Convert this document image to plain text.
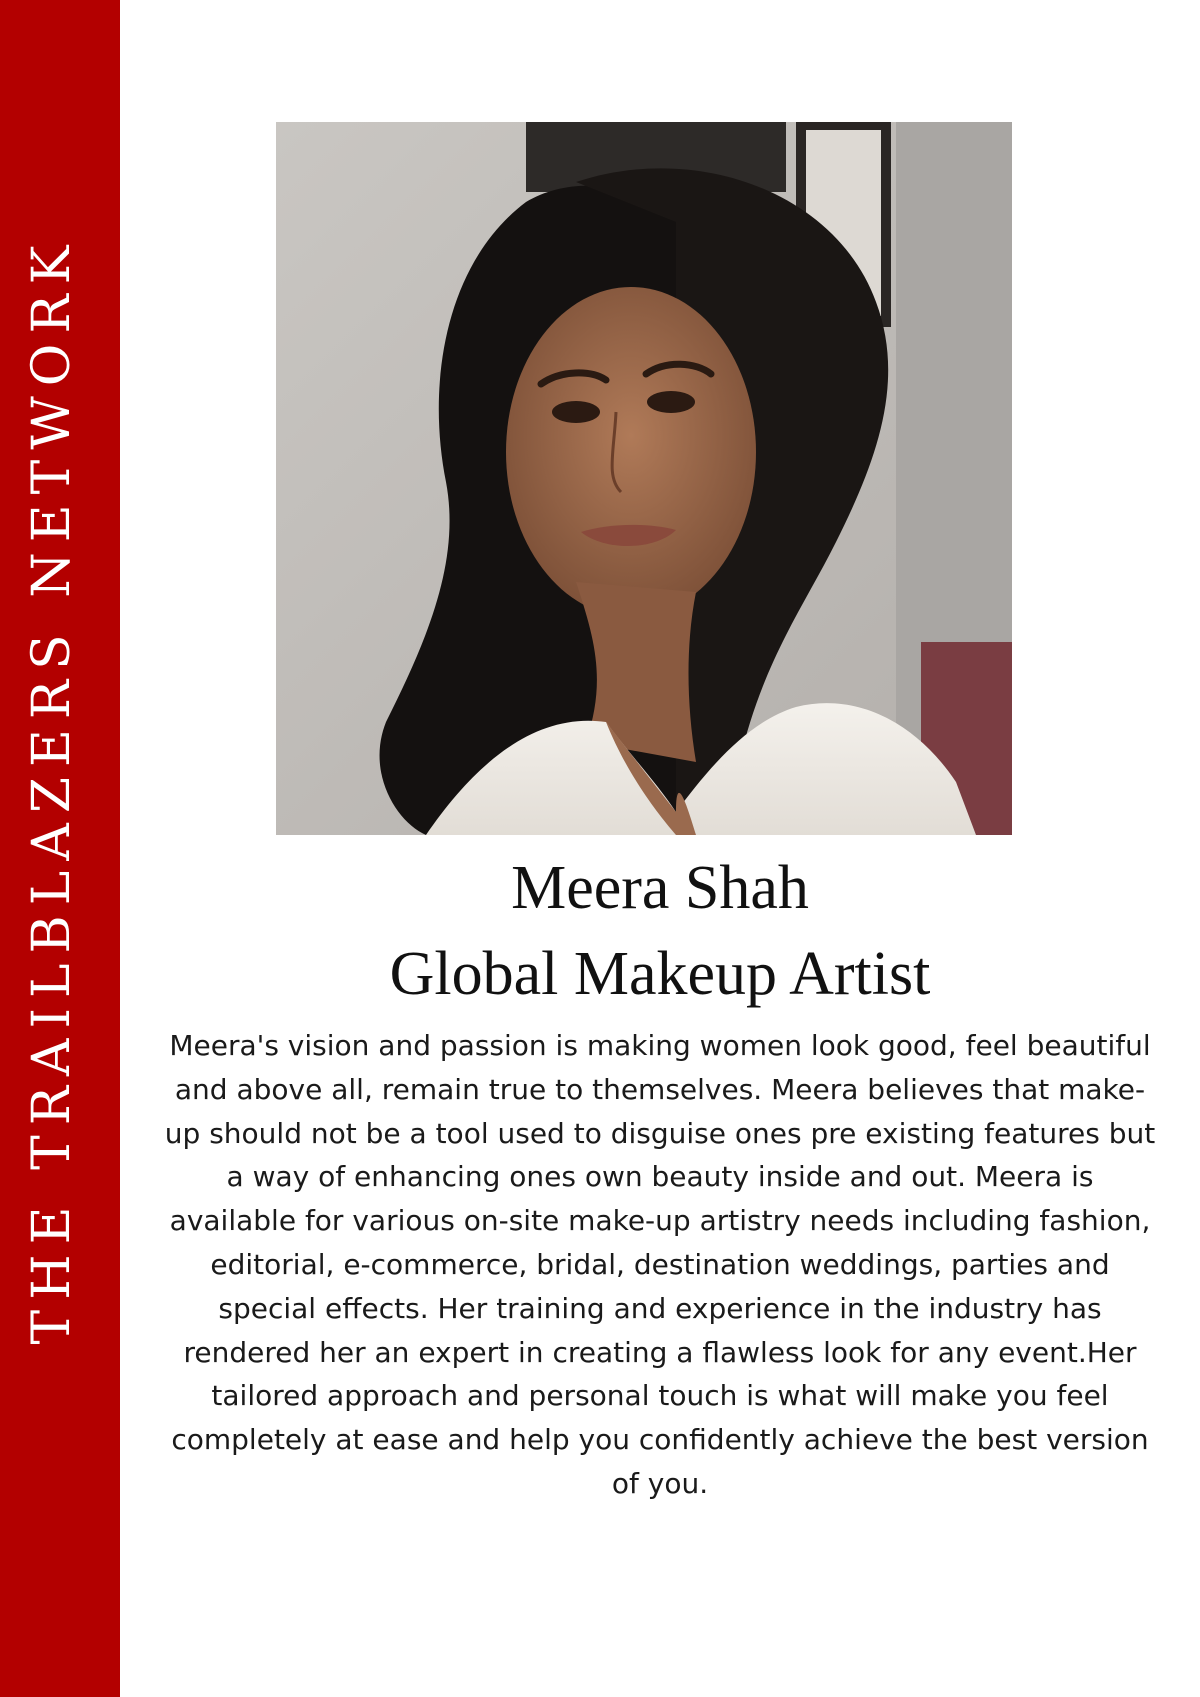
THE TRAILBLAZERS NETWORK	Meera Shah
Global Makeup Artist
Meera's vision and passion is making women look good, feel beautiful and above all, remain true to themselves. Meera believes that make-up should not be a tool used to disguise ones pre existing features but a way of enhancing ones own beauty inside and out. Meera is available for various on-site make-up artistry needs including fashion, editorial, e-commerce, bridal, destination weddings, parties and special effects. Her training and experience in the industry has rendered her an expert in creating a flawless look for any event.Her tailored approach and personal touch is what will make you feel completely at ease and help you confidently achieve the best version of you.
